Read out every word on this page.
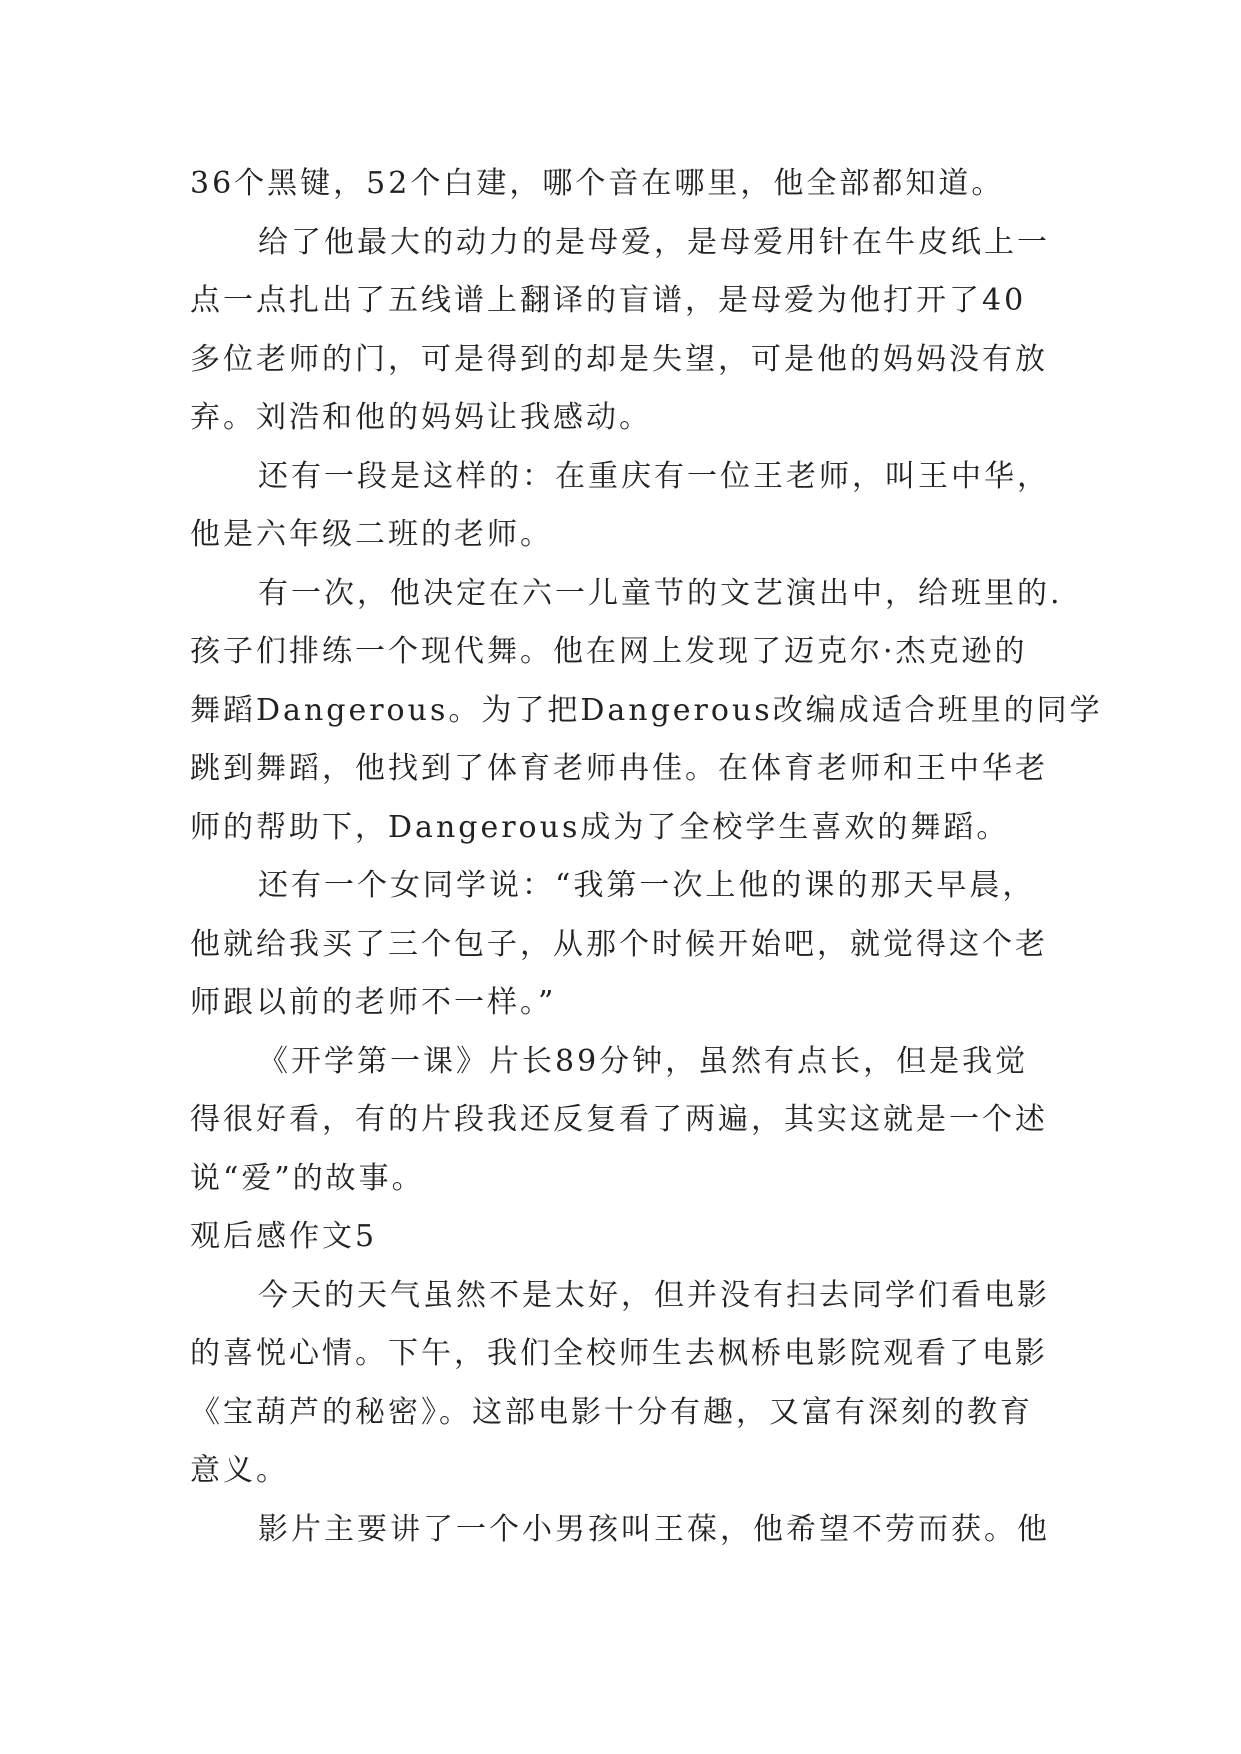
36个黑键，52个白建，哪个音在哪里，他全部都知道。
给了他最大的动力的是母爱，是母爱用针在牛皮纸上一
点一点扎出了五线谱上翻译的盲谱，是母爱为他打开了40
多位老师的门，可是得到的却是失望，可是他的妈妈没有放
弃。刘浩和他的妈妈让我感动。
还有一段是这样的：在重庆有一位王老师，叫王中华，
他是六年级二班的老师。
有一次，他决定在六一儿童节的文艺演出中，给班里的.
孩子们排练一个现代舞。他在网上发现了迈克尔·杰克逊的
舞蹈Dangerous。为了把Dangerous改编成适合班里的同学
跳到舞蹈，他找到了体育老师冉佳。在体育老师和王中华老
师的帮助下，Dangerous成为了全校学生喜欢的舞蹈。
还有一个女同学说：“我第一次上他的课的那天早晨，
他就给我买了三个包子，从那个时候开始吧，就觉得这个老
师跟以前的老师不一样。”
《开学第一课》片长89分钟，虽然有点长，但是我觉
得很好看，有的片段我还反复看了两遍，其实这就是一个述
说“爱”的故事。
观后感作文5
今天的天气虽然不是太好，但并没有扫去同学们看电影
的喜悦心情。下午，我们全校师生去枫桥电影院观看了电影
《宝葫芦的秘密》。这部电影十分有趣，又富有深刻的教育
意义。
影片主要讲了一个小男孩叫王葆，他希望不劳而获。他
